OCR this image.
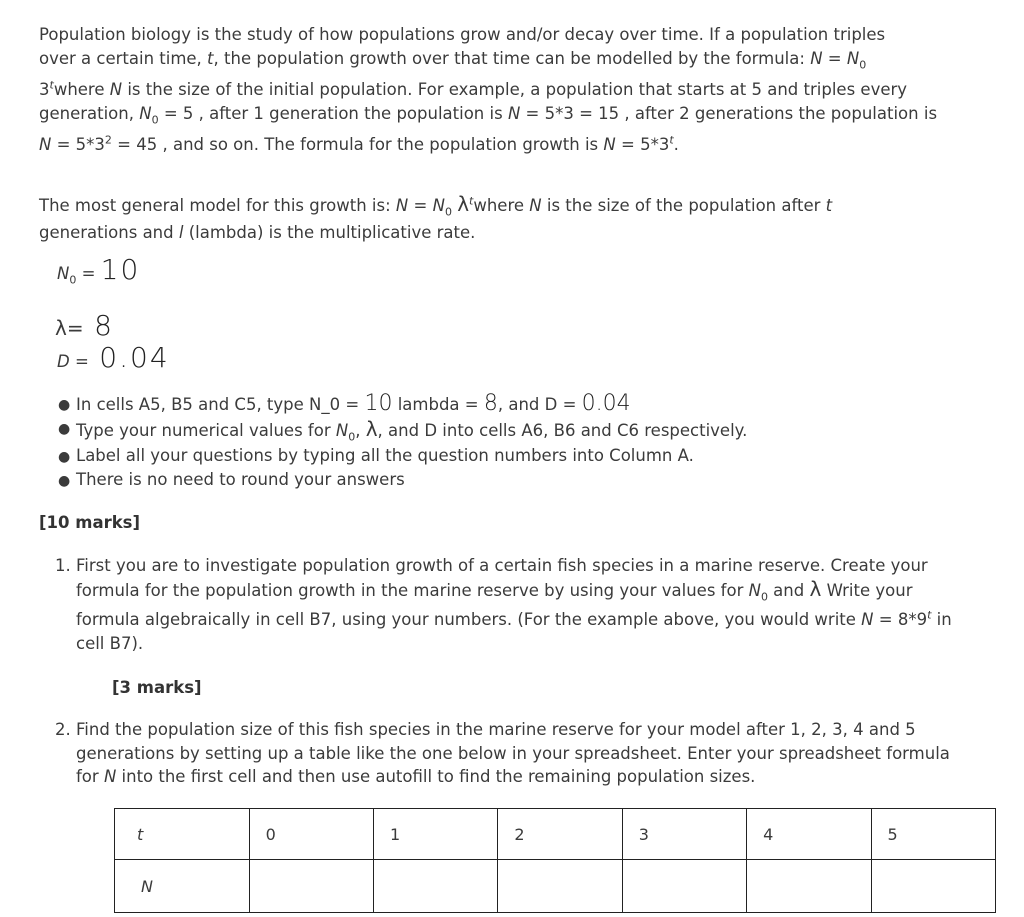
Population biology is the study of how populations grow and/or decay over time. If a population triples
over a certain time, t, the population growth over that time can be modelled by the formula: $N = N_0$
3$^t$where N is the size of the initial population. For example, a population that starts at 5 and triples every
generation, $N_0 = 5$ , after 1 generation the population is N = 5*3 = 15 , after 2 generations the population is
$N = 5*3^2 = 45$ , and so on. The formula for the population growth is $N = 5*3^t$.
The most general model for this growth is: $N = N_0$ $\lambda^twhere$ N is the size of the population after t
generations and l (lambda) is the multiplicative rate.
$N_0 = 10$
λ= 8
D =  0.04
● In cells A5, B5 and C5, type N_0 = 10 lambda = 8, and D = 0.04
● Type your numerical values for $N_0$, λ, and D into cells A6, B6 and C6 respectively.
● Label all your questions by typing all the question numbers into Column A.
● There is no need to round your answers
[10 marks]
1. First you are to investigate population growth of a certain fish species in a marine reserve. Create your
formula for the population growth in the marine reserve by using your values for $N_0$ and λ Write your
formula algebraically in cell B7, using your numbers. (For the example above, you would write $N = 8*9^t$ in
cell B7).
[3 marks]
2. Find the population size of this fish species in the marine reserve for your model after 1, 2, 3, 4 and 5
generations by setting up a table like the one below in your spreadsheet. Enter your spreadsheet formula
for N into the first cell and then use autofill to find the remaining population sizes.
t	0	1	2	3	4	5
N						
